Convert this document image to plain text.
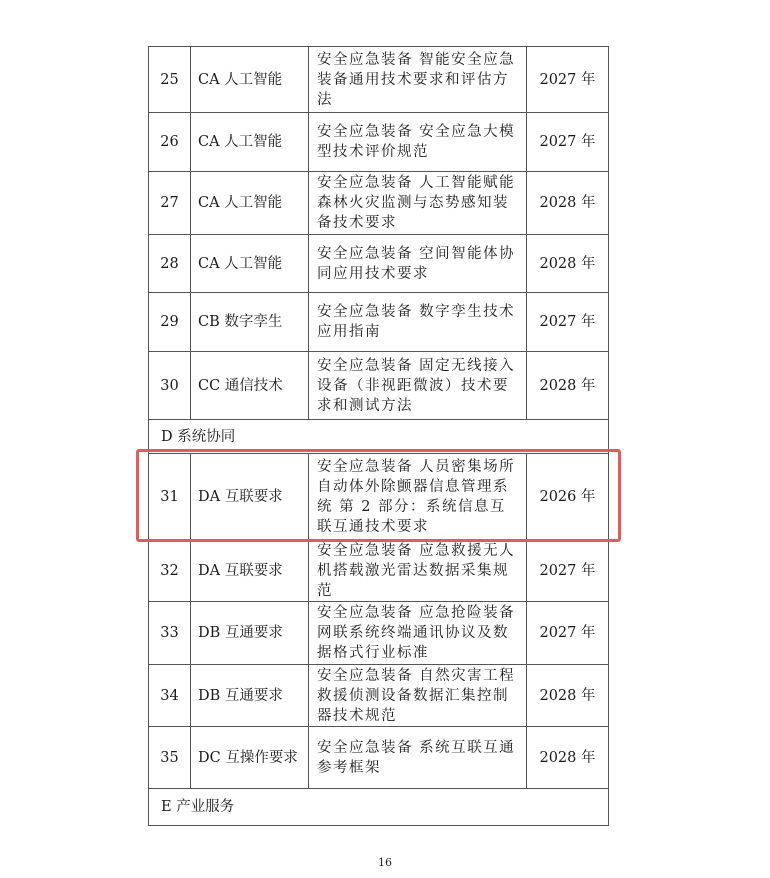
25	CA 人工智能	安全应急装备 智能安全应急装备通用技术要求和评估方法	2027 年
26	CA 人工智能	安全应急装备 安全应急大模型技术评价规范	2027 年
27	CA 人工智能	安全应急装备 人工智能赋能森林火灾监测与态势感知装备技术要求	2028 年
28	CA 人工智能	安全应急装备 空间智能体协同应用技术要求	2028 年
29	CB 数字孪生	安全应急装备 数字孪生技术应用指南	2027 年
30	CC 通信技术	安全应急装备 固定无线接入设备（非视距微波）技术要求和测试方法	2028 年
D 系统协同			
31	DA 互联要求	安全应急装备 人员密集场所自动体外除颤器信息管理系统 第 2 部分：系统信息互联互通技术要求	2026 年
32	DA 互联要求	安全应急装备 应急救援无人机搭载激光雷达数据采集规范	2027 年
33	DB 互通要求	安全应急装备 应急抢险装备网联系统终端通讯协议及数据格式行业标准	2027 年
34	DB 互通要求	安全应急装备 自然灾害工程救援侦测设备数据汇集控制器技术规范	2028 年
35	DC 互操作要求	安全应急装备 系统互联互通参考框架	2028 年
E 产业服务			
16
